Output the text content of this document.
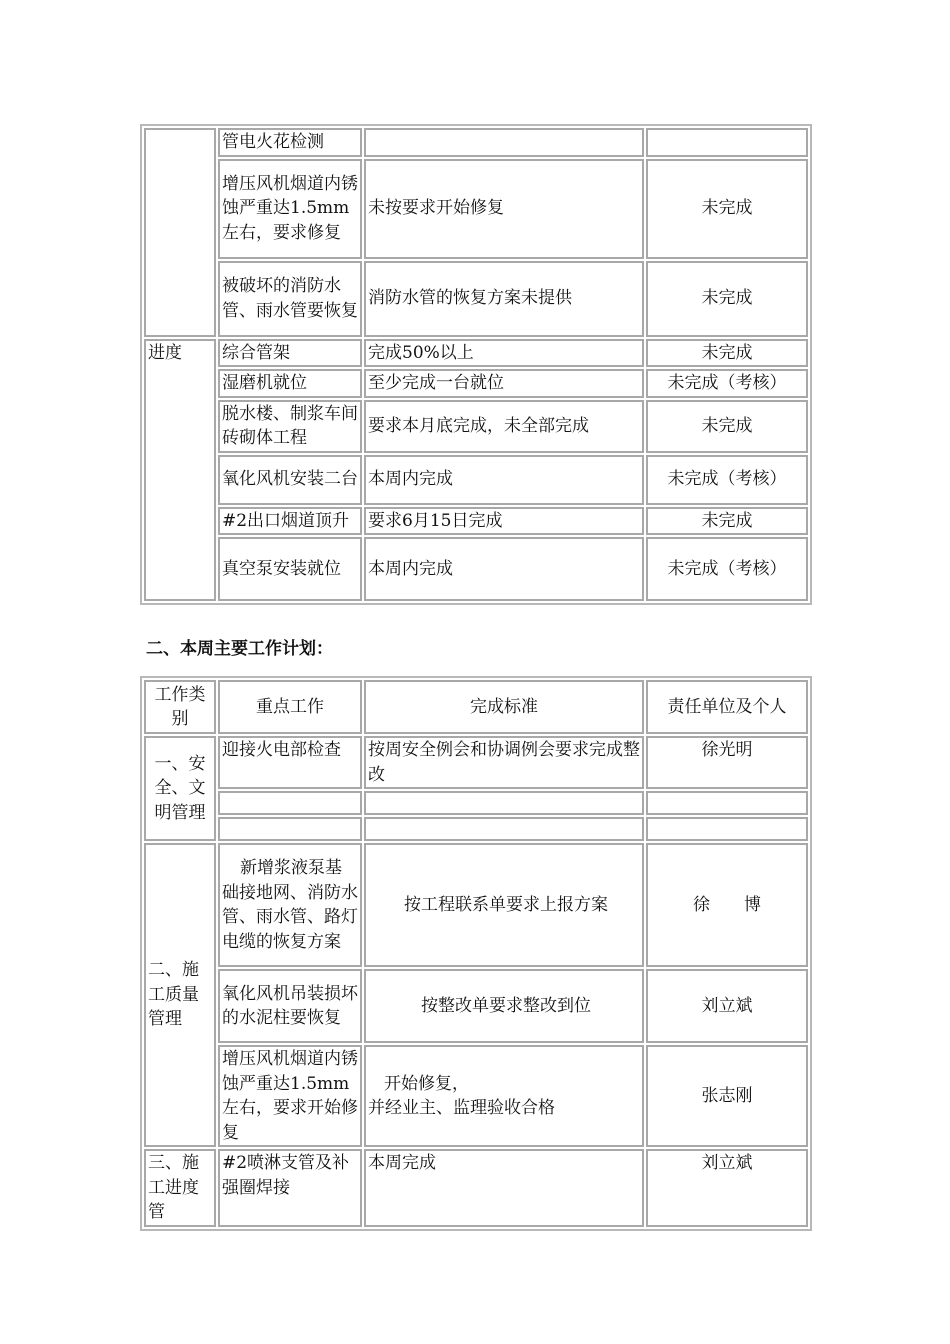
	管电火花检测		
	增压风机烟道内锈蚀严重达1.5mm左右，要求修复	未按要求开始修复	未完成
	被破坏的消防水管、雨水管要恢复	消防水管的恢复方案未提供	未完成
进度	综合管架	完成50%以上	未完成
	湿磨机就位	至少完成一台就位	未完成（考核）
	脱水楼、制浆车间砖砌体工程	要求本月底完成，未全部完成	未完成
	氧化风机安装二台	本周内完成	未完成（考核）
	#2出口烟道顶升	要求6月15日完成	未完成
	真空泵安装就位	本周内完成	未完成（考核）
二、本周主要工作计划：
工作类别	重点工作	完成标准	责任单位及个人
一、安全、文明管理	迎接火电部检查	按周安全例会和协调例会要求完成整改	徐光明

二、施工质量管理	新增浆液泵基础接地网、消防水管、雨水管、路灯电缆的恢复方案	按工程联系单要求上报方案	徐　　博
	氧化风机吊装损坏的水泥柱要恢复	按整改单要求整改到位	刘立斌
	增压风机烟道内锈蚀严重达1.5mm左右，要求开始修复	开始修复，
并经业主、监理验收合格	张志刚
三、施工进度管	#2喷淋支管及补强圈焊接	本周完成	刘立斌
